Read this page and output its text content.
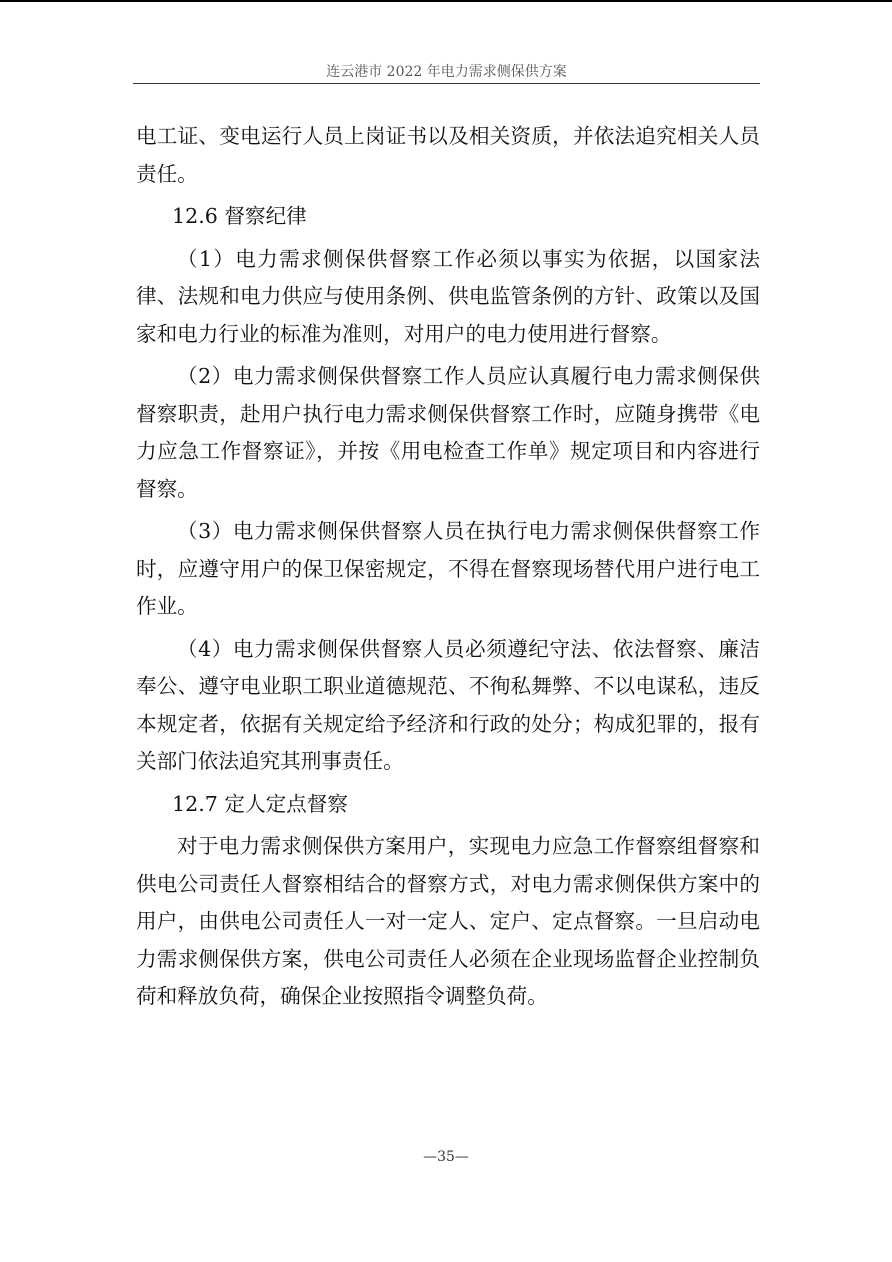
连云港市 2022 年电力需求侧保供方案

电工证、变电运行人员上岗证书以及相关资质，并依法追究相关人员责任。

12.6 督察纪律

（1）电力需求侧保供督察工作必须以事实为依据，以国家法律、法规和电力供应与使用条例、供电监管条例的方针、政策以及国家和电力行业的标准为准则，对用户的电力使用进行督察。

（2）电力需求侧保供督察工作人员应认真履行电力需求侧保供督察职责，赴用户执行电力需求侧保供督察工作时，应随身携带《电力应急工作督察证》，并按《用电检查工作单》规定项目和内容进行督察。

（3）电力需求侧保供督察人员在执行电力需求侧保供督察工作时，应遵守用户的保卫保密规定，不得在督察现场替代用户进行电工作业。

（4）电力需求侧保供督察人员必须遵纪守法、依法督察、廉洁奉公、遵守电业职工职业道德规范、不徇私舞弊、不以电谋私，违反本规定者，依据有关规定给予经济和行政的处分；构成犯罪的，报有关部门依法追究其刑事责任。

12.7 定人定点督察

对于电力需求侧保供方案用户，实现电力应急工作督察组督察和供电公司责任人督察相结合的督察方式，对电力需求侧保供方案中的用户，由供电公司责任人一对一定人、定户、定点督察。一旦启动电力需求侧保供方案，供电公司责任人必须在企业现场监督企业控制负荷和释放负荷，确保企业按照指令调整负荷。

—35—
